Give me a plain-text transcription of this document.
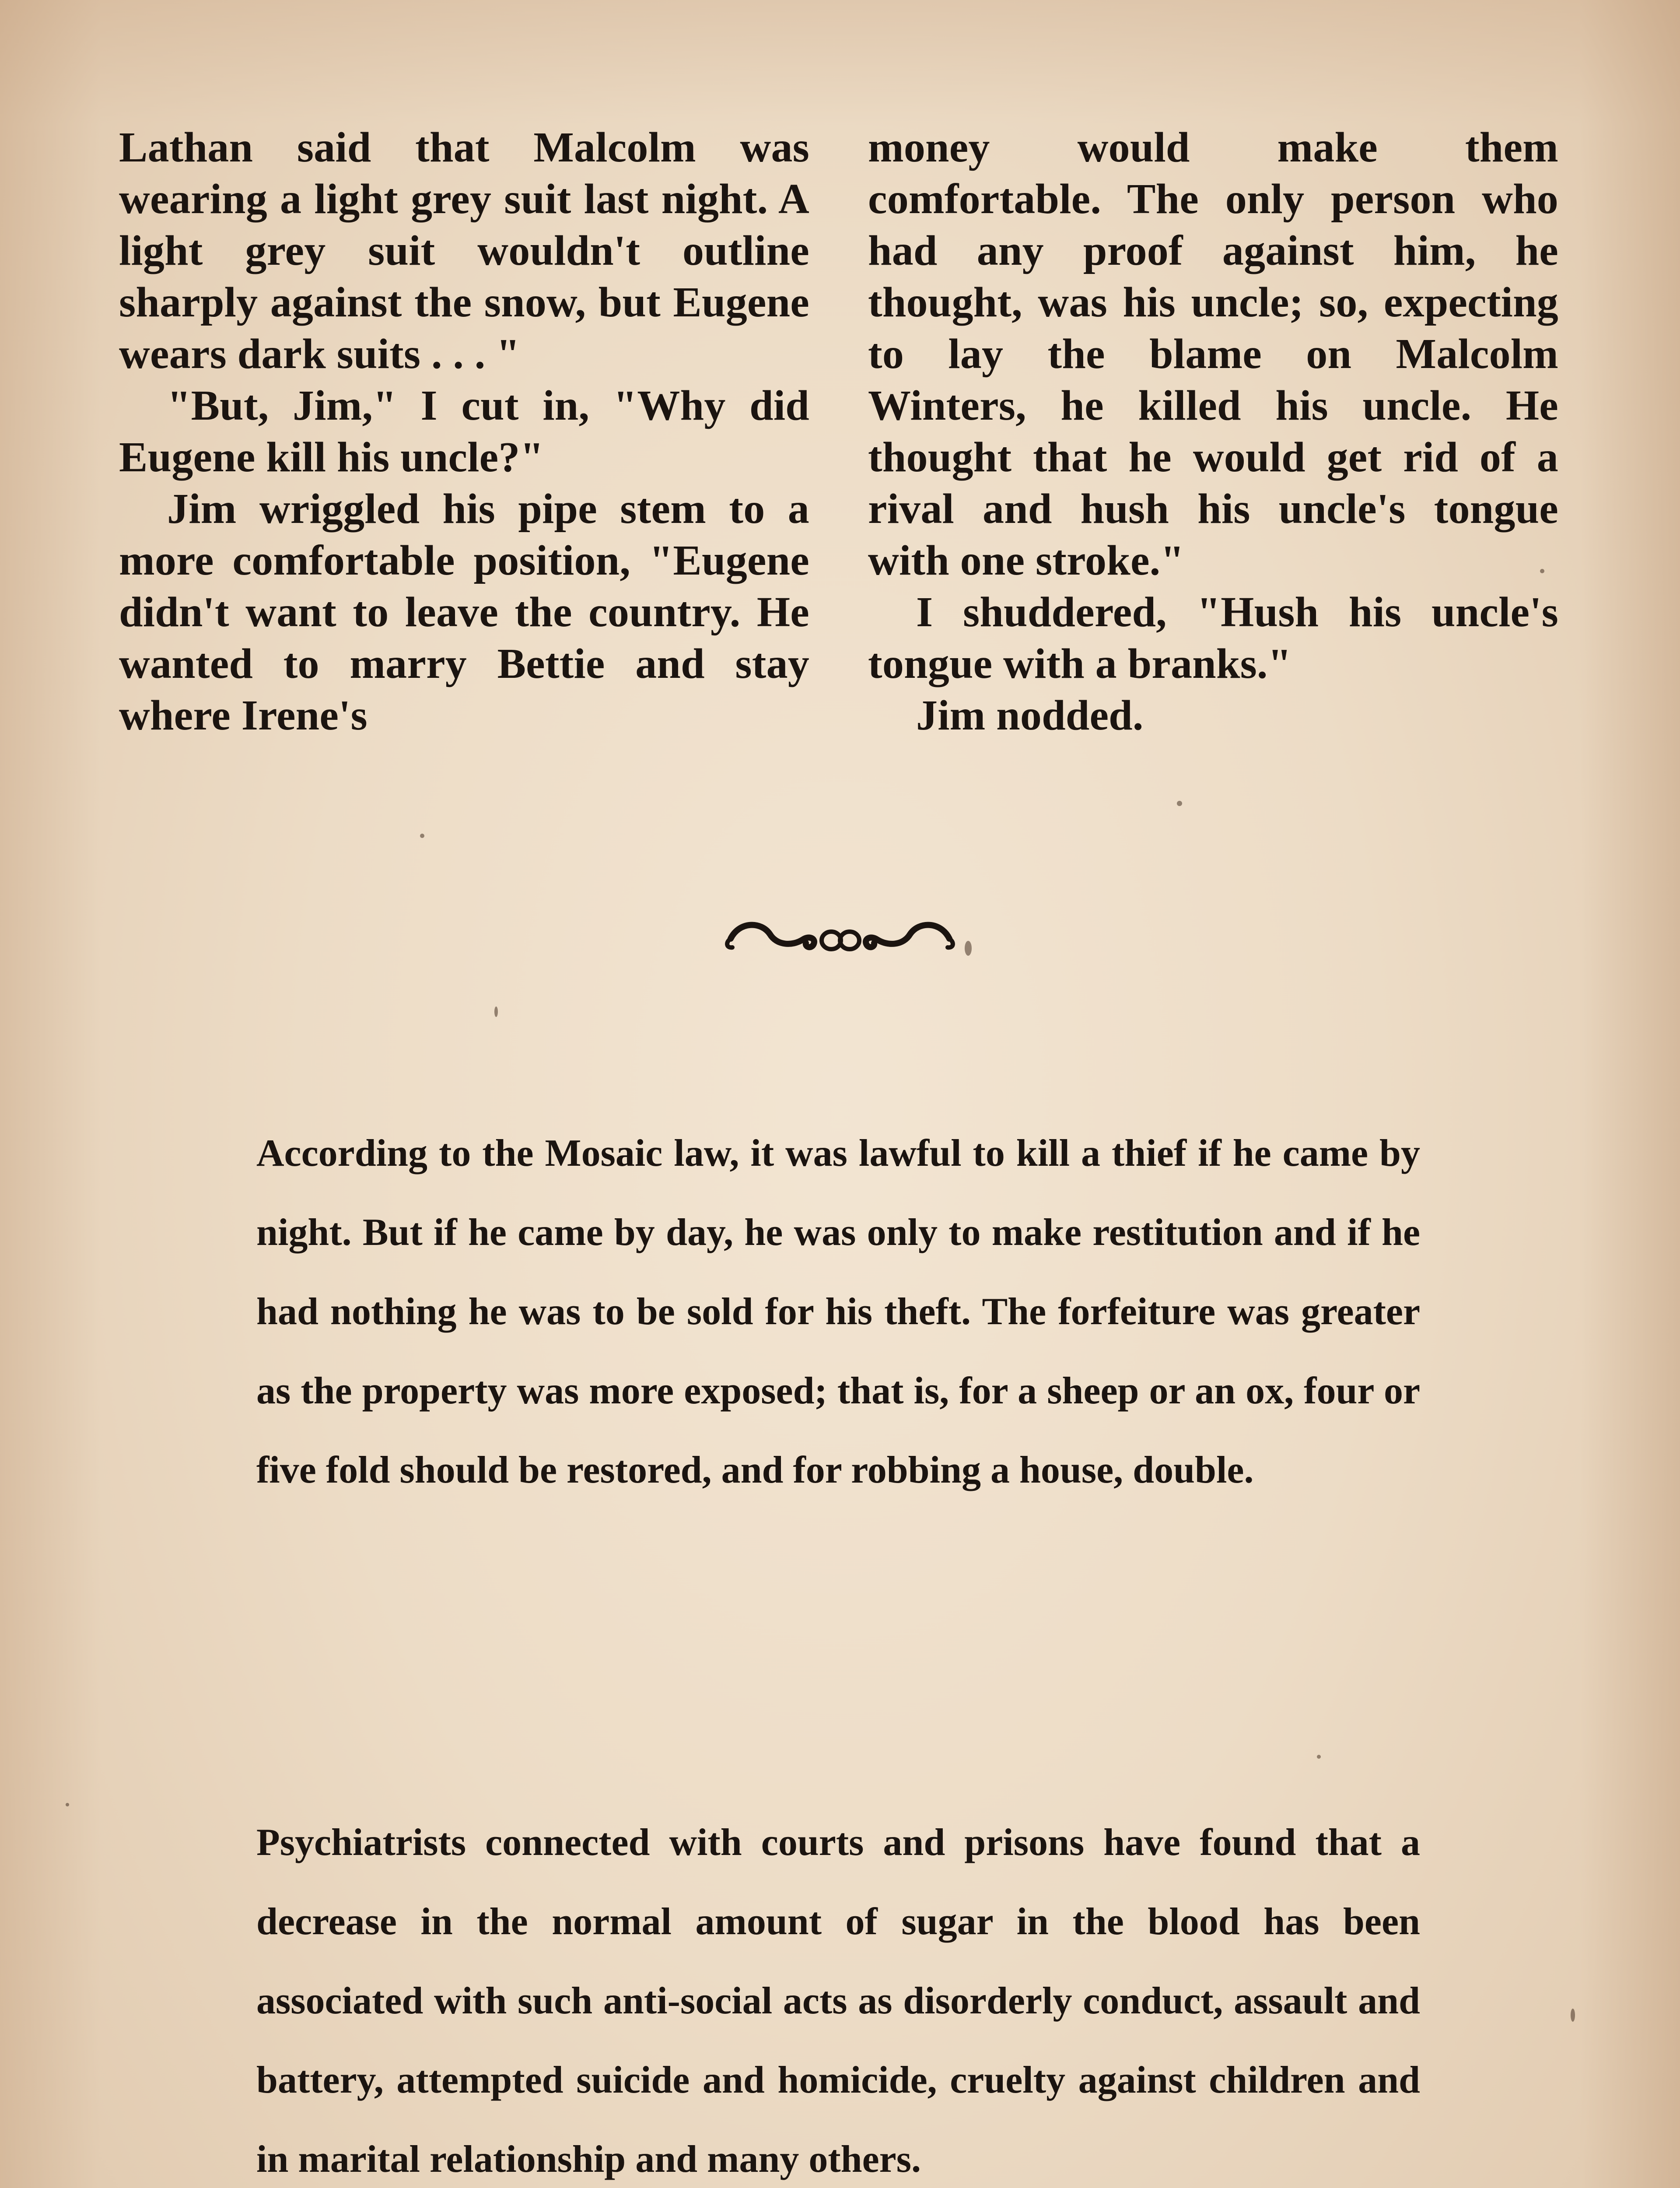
Lathan said that Malcolm was wearing a light grey suit last night. A light grey suit wouldn't outline sharply against the snow, but Eugene wears dark suits . . . "

"But, Jim," I cut in, "Why did Eugene kill his uncle?"

Jim wriggled his pipe stem to a more comfortable position, "Eugene didn't want to leave the country. He wanted to marry Bettie and stay where Irene's

money would make them comfortable. The only person who had any proof against him, he thought, was his uncle; so, expecting to lay the blame on Malcolm Winters, he killed his uncle. He thought that he would get rid of a rival and hush his uncle's tongue with one stroke."

I shuddered, "Hush his uncle's tongue with a branks."

Jim nodded.

According to the Mosaic law, it was lawful to kill a thief if he came by night. But if he came by day, he was only to make restitution and if he had nothing he was to be sold for his theft. The forfeiture was greater as the property was more exposed; that is, for a sheep or an ox, four or five fold should be restored, and for robbing a house, double.
Psychiatrists connected with courts and prisons have found that a decrease in the normal amount of sugar in the blood has been associated with such anti-social acts as disorderly conduct, assault and battery, attempted suicide and homicide, cruelty against children and in marital relationship and many others.
